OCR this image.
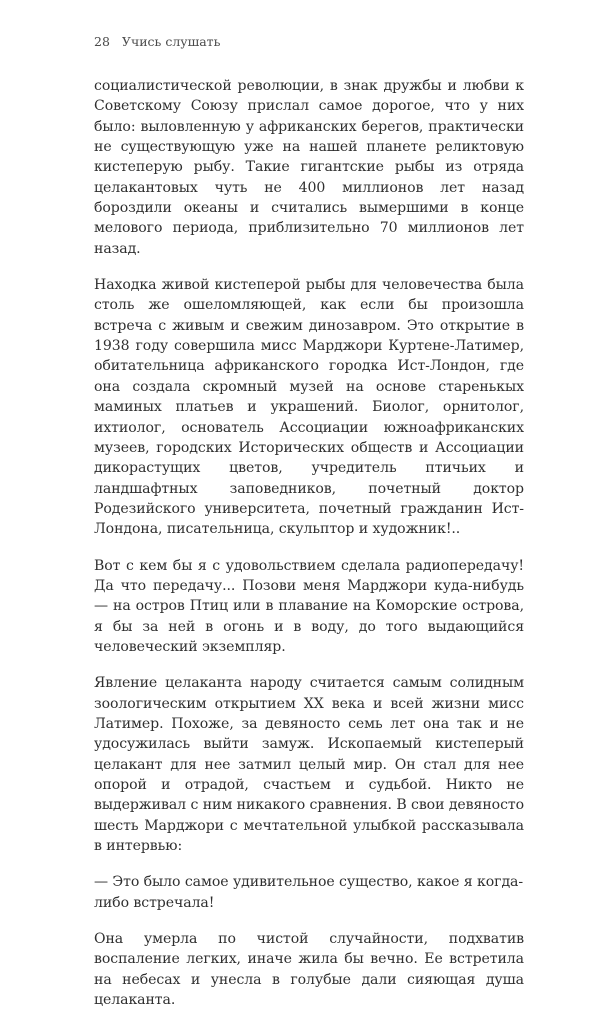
28 Учись слушать

социалистической революции, в знак дружбы и любви к Советскому Союзу прислал самое дорогое, что у них было: выловленную у африканских берегов, практически не существующую уже на нашей планете реликтовую кистеперую рыбу. Такие гигантские рыбы из отряда целакантовых чуть не 400 миллионов лет назад бороздили океаны и считались вымершими в конце мелового периода, приблизительно 70 миллионов лет назад.

Находка живой кистеперой рыбы для человечества была столь же ошеломляющей, как если бы произошла встреча с живым и свежим динозавром. Это открытие в 1938 году совершила мисс Марджори Куртене-Латимер, обитательница африканского городка Ист-Лондон, где она создала скромный музей на основе старенькых маминых платьев и украшений. Биолог, орнитолог, ихтиолог, основатель Ассоциации южноафриканских музеев, городских Исторических обществ и Ассоциации дикорастущих цветов, учредитель птичьих и ландшафтных заповедников, почетный доктор Родезийского университета, почетный гражданин Ист-Лондона, писательница, скульптор и художник!..

Вот с кем бы я с удовольствием сделала радиопередачу! Да что передачу... Позови меня Марджори куда-нибудь — на остров Птиц или в плавание на Коморские острова, я бы за ней в огонь и в воду, до того выдающийся человеческий экземпляр.

Явление целаканта народу считается самым солидным зоологическим открытием XX века и всей жизни мисс Латимер. Похоже, за девяносто семь лет она так и не удосужилась выйти замуж. Ископаемый кистеперый целакант для нее затмил целый мир. Он стал для нее опорой и отрадой, счастьем и судьбой. Никто не выдерживал с ним никакого сравнения. В свои девяносто шесть Марджори с мечтательной улыбкой рассказывала в интервью:

— Это было самое удивительное существо, какое я когда-либо встречала!

Она умерла по чистой случайности, подхватив воспаление легких, иначе жила бы вечно. Ее встретила на небесах и унесла в голубые дали сияющая душа целаканта.
